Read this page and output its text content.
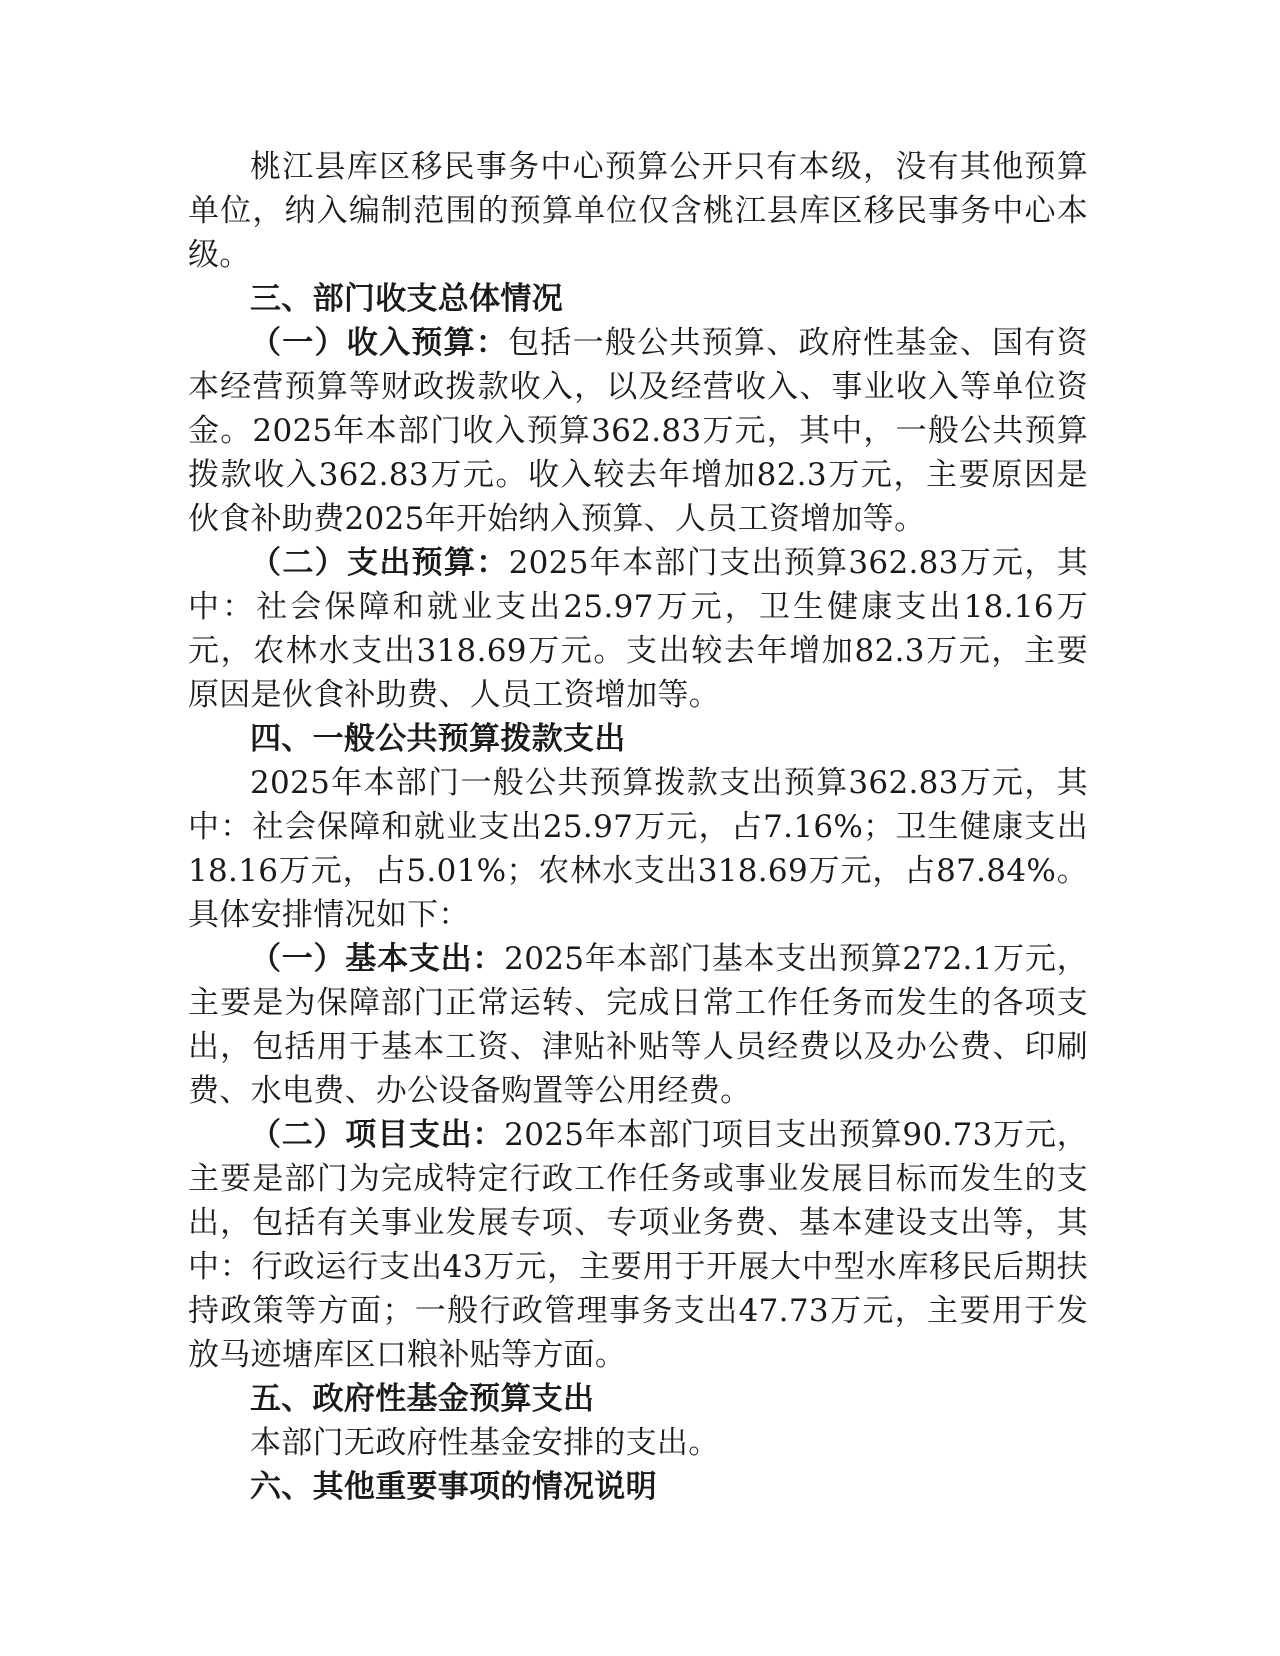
桃江县库区移民事务中心预算公开只有本级，没有其他预算单位，纳入编制范围的预算单位仅含桃江县库区移民事务中心本级。

三、部门收支总体情况

（一）收入预算：包括一般公共预算、政府性基金、国有资本经营预算等财政拨款收入，以及经营收入、事业收入等单位资金。2025年本部门收入预算362.83万元，其中，一般公共预算拨款收入362.83万元。收入较去年增加82.3万元，主要原因是伙食补助费2025年开始纳入预算、人员工资增加等。

（二）支出预算：2025年本部门支出预算362.83万元，其中：社会保障和就业支出25.97万元，卫生健康支出18.16万元，农林水支出318.69万元。支出较去年增加82.3万元，主要原因是伙食补助费、人员工资增加等。

四、一般公共预算拨款支出

2025年本部门一般公共预算拨款支出预算362.83万元，其中：社会保障和就业支出25.97万元，占7.16%；卫生健康支出18.16万元，占5.01%；农林水支出318.69万元，占87.84%。具体安排情况如下：

（一）基本支出：2025年本部门基本支出预算272.1万元，主要是为保障部门正常运转、完成日常工作任务而发生的各项支出，包括用于基本工资、津贴补贴等人员经费以及办公费、印刷费、水电费、办公设备购置等公用经费。

（二）项目支出：2025年本部门项目支出预算90.73万元，主要是部门为完成特定行政工作任务或事业发展目标而发生的支出，包括有关事业发展专项、专项业务费、基本建设支出等，其中：行政运行支出43万元，主要用于开展大中型水库移民后期扶持政策等方面；一般行政管理事务支出47.73万元，主要用于发放马迹塘库区口粮补贴等方面。

五、政府性基金预算支出

本部门无政府性基金安排的支出。

六、其他重要事项的情况说明
